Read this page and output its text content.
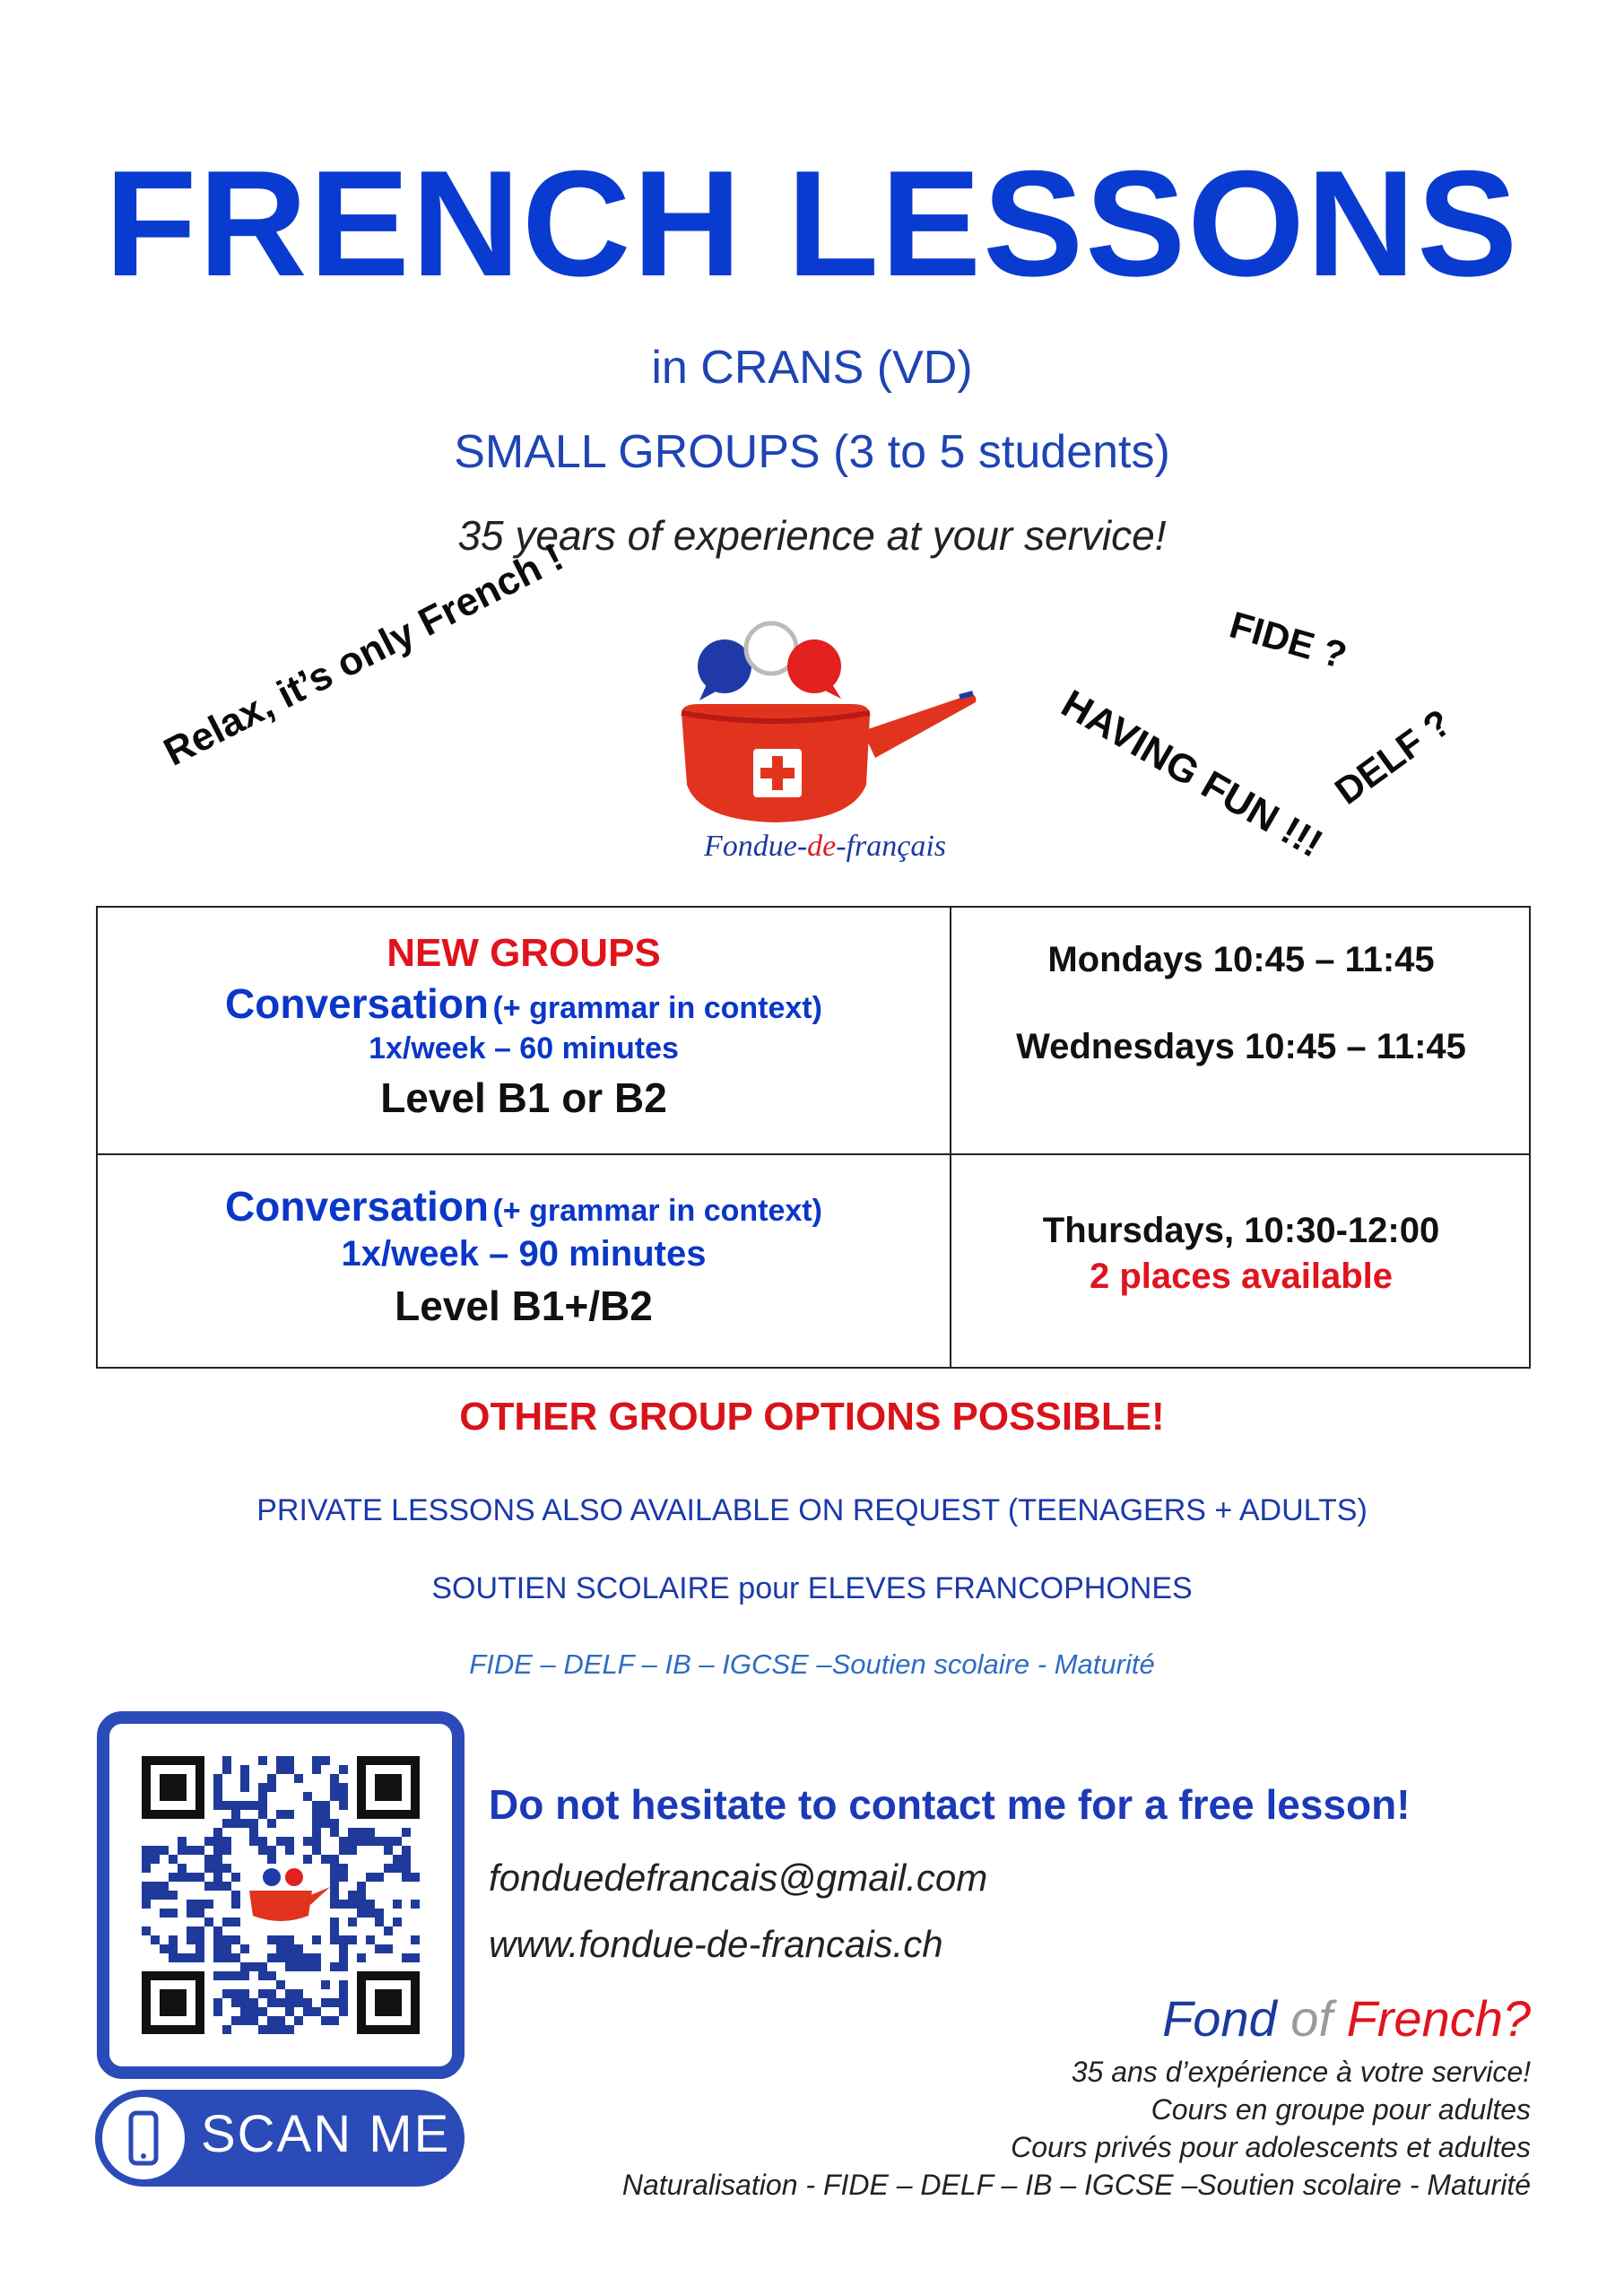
FRENCH LESSONS
in CRANS (VD)
SMALL GROUPS (3 to 5 students)
35 years of experience at your service!
Relax, it’s only French !	FIDE ?
HAVING FUN !!!
DELF ?
Fondue-de-français
NEW GROUPS
Conversation (+ grammar in context)
1x/week – 60 minutes
Level B1 or B2
Mondays 10:45 – 11:45
Wednesdays 10:45 – 11:45
Conversation (+ grammar in context)
1x/week – 90 minutes
Level B1+/B2
Thursdays, 10:30-12:00
2 places available
OTHER GROUP OPTIONS POSSIBLE!
PRIVATE LESSONS ALSO AVAILABLE ON REQUEST (TEENAGERS + ADULTS)
SOUTIEN SCOLAIRE pour ELEVES FRANCOPHONES
FIDE – DELF – IB – IGCSE –Soutien scolaire - Maturité
SCAN ME
Do not hesitate to contact me for a free lesson!
fonduedefrancais@gmail.com
www.fondue-de-francais.ch
Fond of French?
35 ans d’expérience à votre service!
Cours en groupe pour adultes
Cours privés pour adolescents et adultes
Naturalisation - FIDE – DELF – IB – IGCSE –Soutien scolaire - Maturité
